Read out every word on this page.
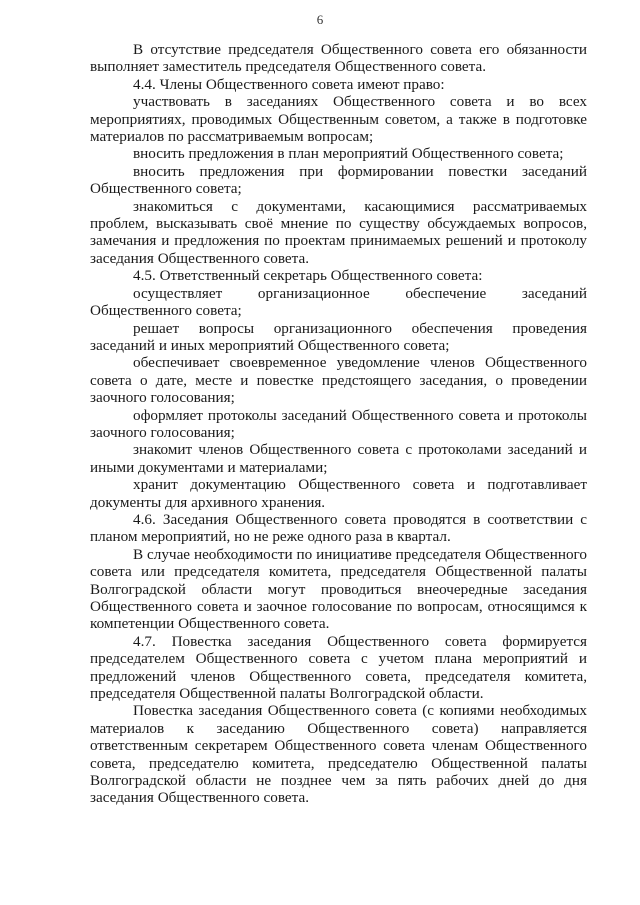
6

В отсутствие председателя Общественного совета его обязанности выполняет заместитель председателя Общественного совета.

4.4. Члены Общественного совета имеют право:

участвовать в заседаниях Общественного совета и во всех мероприятиях, проводимых Общественным советом, а также в подготовке материалов по рассматриваемым вопросам;

вносить предложения в план мероприятий Общественного совета;

вносить предложения при формировании повестки заседаний Общественного совета;

знакомиться с документами, касающимися рассматриваемых проблем, высказывать своё мнение по существу обсуждаемых вопросов, замечания и предложения по проектам принимаемых решений и протоколу заседания Общественного совета.

4.5. Ответственный секретарь Общественного совета:

осуществляет организационное обеспечение заседаний Общественного совета;

решает вопросы организационного обеспечения проведения заседаний и иных мероприятий Общественного совета;

обеспечивает своевременное уведомление членов Общественного совета о дате, месте и повестке предстоящего заседания, о проведении заочного голосования;

оформляет протоколы заседаний Общественного совета и протоколы заочного голосования;

знакомит членов Общественного совета с протоколами заседаний и иными документами и материалами;

хранит документацию Общественного совета и подготавливает документы для архивного хранения.

4.6. Заседания Общественного совета проводятся в соответствии с планом мероприятий, но не реже одного раза в квартал.

В случае необходимости по инициативе председателя Общественного совета или председателя комитета, председателя Общественной палаты Волгоградской области могут проводиться внеочередные заседания Общественного совета и заочное голосование по вопросам, относящимся к компетенции Общественного совета.

4.7. Повестка заседания Общественного совета формируется председателем Общественного совета с учетом плана мероприятий и предложений членов Общественного совета, председателя комитета, председателя Общественной палаты Волгоградской области.

Повестка заседания Общественного совета (с копиями необходимых материалов к заседанию Общественного совета) направляется ответственным секретарем Общественного совета членам Общественного совета, председателю комитета, председателю Общественной палаты Волгоградской области не позднее чем за пять рабочих дней до дня заседания Общественного совета.
